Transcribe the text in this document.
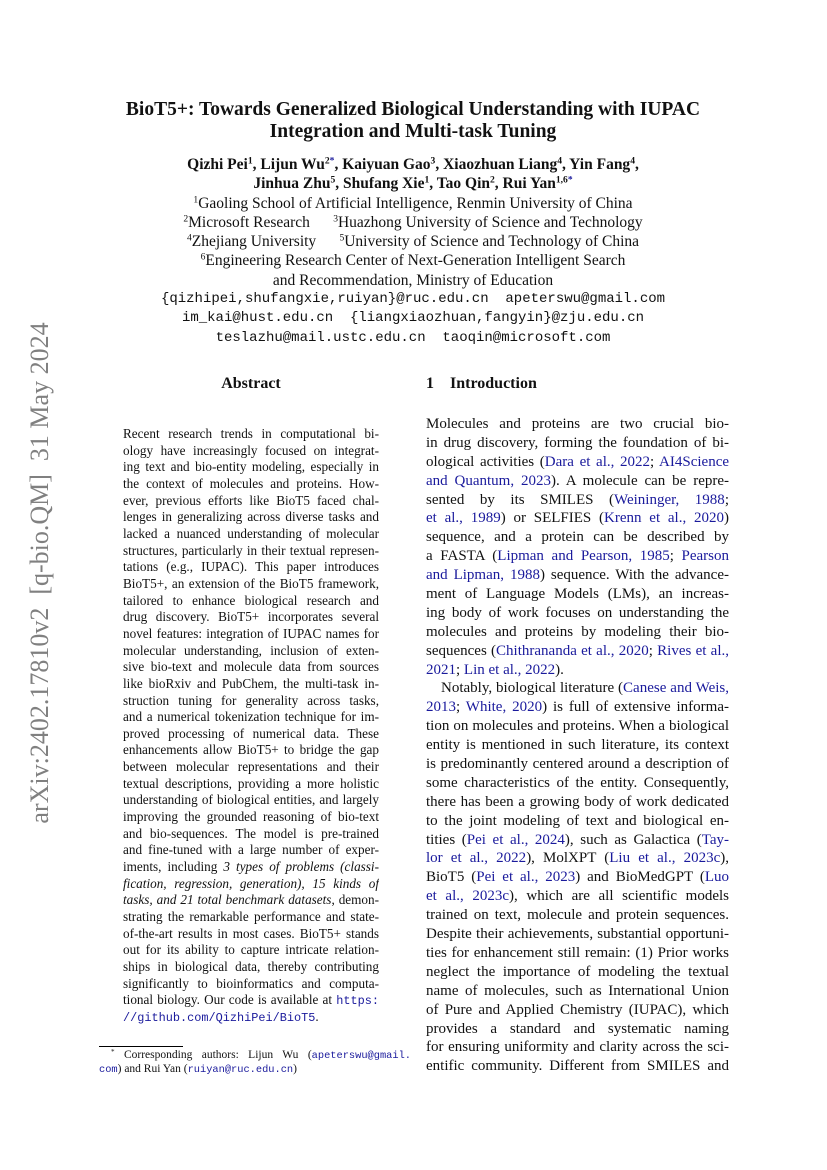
arXiv:2402.17810v2  [q-bio.QM]  31 May 2024
BioT5+: Towards Generalized Biological Understanding with IUPAC
Integration and Multi-task Tuning
Qizhi Pei$^1$, Lijun $Wu^{2*}$, Kaiyuan Gao$^3$, Xiaozhuan Liang$^4$, Yin Fang$^4$,
Jinhua Zhu$^5$, Shufang Xie$^1$, Tao Qin$^2$, Rui Yan$^{1,6*}$
$^1$Gaoling School of Artificial Intelligence, Renmin University of China
$^2$Microsoft Research   $^3$Huazhong University of Science and Technology
$^4$Zhejiang University   $^5$University of Science and Technology of China
$^6$Engineering Research Center of Next-Generation Intelligent Search
and Recommendation, Ministry of Education
{qizhipei,shufangxie,ruiyan}@ruc.edu.cn  apeterswu@gmail.com
im_kai@hust.edu.cn  {liangxiaozhuan,fangyin}@zju.edu.cn
teslazhu@mail.ustc.edu.cn  taoqin@microsoft.com
Abstract	1 Introduction
Recent research trends in computational bi-
ology have increasingly focused on integrat-
ing text and bio-entity modeling, especially in
the context of molecules and proteins. How-
ever, previous efforts like BioT5 faced chal-
lenges in generalizing across diverse tasks and
lacked a nuanced understanding of molecular
structures, particularly in their textual represen-
tations (e.g., IUPAC). This paper introduces
BioT5+, an extension of the BioT5 framework,
tailored to enhance biological research and
drug discovery. BioT5+ incorporates several
novel features: integration of IUPAC names for
molecular understanding, inclusion of exten-
sive bio-text and molecule data from sources
like bioRxiv and PubChem, the multi-task in-
struction tuning for generality across tasks,
and a numerical tokenization technique for im-
proved processing of numerical data. These
enhancements allow BioT5+ to bridge the gap
between molecular representations and their
textual descriptions, providing a more holistic
understanding of biological entities, and largely
improving the grounded reasoning of bio-text
and bio-sequences. The model is pre-trained
and fine-tuned with a large number of exper-
iments, including 3 types of problems (classi-
fication, regression, generation), 15 kinds of
tasks, and 21 total benchmark datasets, demon-
strating the remarkable performance and state-
of-the-art results in most cases. BioT5+ stands
out for its ability to capture intricate relation-
ships in biological data, thereby contributing
significantly to bioinformatics and computa-
tional biology. Our code is available at https:
//github.com/QizhiPei/BioT5.
Molecules and proteins are two crucial bio-
in drug discovery, forming the foundation of bi-
ological activities (Dara et al., 2022; AI4Science
and Quantum, 2023). A molecule can be repre-
sented by its SMILES (Weininger, 1988;
et al., 1989) or SELFIES (Krenn et al., 2020)
sequence, and a protein can be described by
a FASTA (Lipman and Pearson, 1985; Pearson
and Lipman, 1988) sequence. With the advance-
ment of Language Models (LMs), an increas-
ing body of work focuses on understanding the
molecules and proteins by modeling their bio-
sequences (Chithrananda et al., 2020; Rives et al.,
2021; Lin et al., 2022).
Notably, biological literature (Canese and Weis,
2013; White, 2020) is full of extensive informa-
tion on molecules and proteins. When a biological
entity is mentioned in such literature, its context
is predominantly centered around a description of
some characteristics of the entity. Consequently,
there has been a growing body of work dedicated
to the joint modeling of text and biological en-
tities (Pei et al., 2024), such as Galactica (Tay-
lor et al., 2022), MolXPT (Liu et al., 2023c),
BioT5 (Pei et al., 2023) and BioMedGPT (Luo
et al., 2023c), which are all scientific models
trained on text, molecule and protein sequences.
Despite their achievements, substantial opportuni-
ties for enhancement still remain: (1) Prior works
neglect the importance of modeling the textual
name of molecules, such as International Union
of Pure and Applied Chemistry (IUPAC), which
provides a standard and systematic naming
for ensuring uniformity and clarity across the sci-
entific community. Different from SMILES and
* Corresponding authors: Lijun Wu (apeterswu@gmail.
com) and Rui Yan (ruiyan@ruc.edu.cn)
